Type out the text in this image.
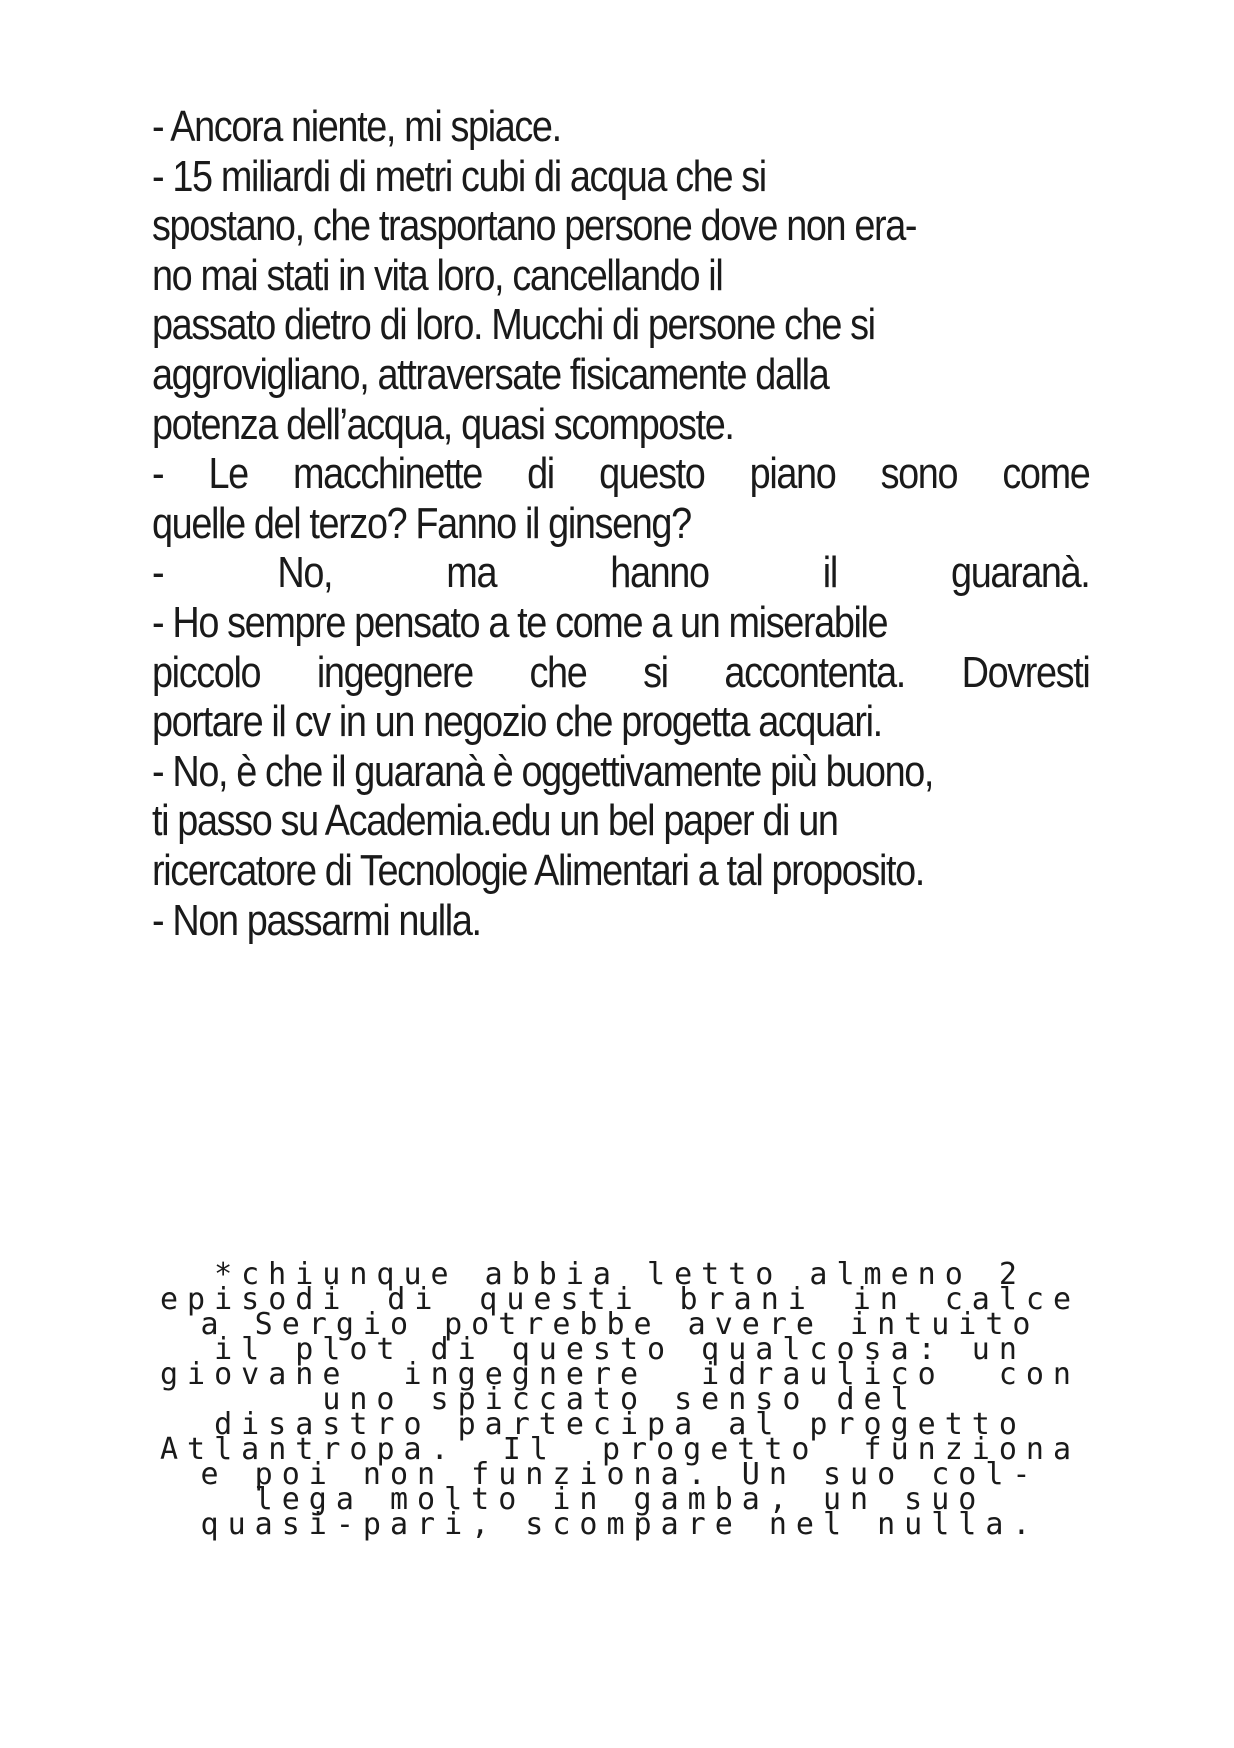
- Ancora niente, mi spiace.
- 15 miliardi di metri cubi di acqua che si
spostano, che trasportano persone dove non era-
no mai stati in vita loro, cancellando il
passato dietro di loro. Mucchi di persone che si
aggrovigliano, attraversate fisicamente dalla
potenza dell’acqua, quasi scomposte.
- Le macchinette di questo piano sono come
quelle del terzo? Fanno il ginseng?
- No, ma hanno il guaranà.
- Ho sempre pensato a te come a un miserabile
piccolo ingegnere che si accontenta. Dovresti
portare il cv in un negozio che progetta acquari.
- No, è che il guaranà è oggettivamente più buono,
ti passo su Academia.edu un bel paper di un
ricercatore di Tecnologie Alimentari a tal proposito.
- Non passarmi nulla.
*chiunque abbia letto almeno 2
episodi di questi brani in calce
a Sergio potrebbe avere intuito
il plot di questo qualcosa: un
giovane ingegnere idraulico con
uno spiccato senso del
disastro partecipa al progetto
Atlantropa. Il progetto funziona
e poi non funziona. Un suo col-
lega molto in gamba, un suo
quasi-pari, scompare nel nulla.
